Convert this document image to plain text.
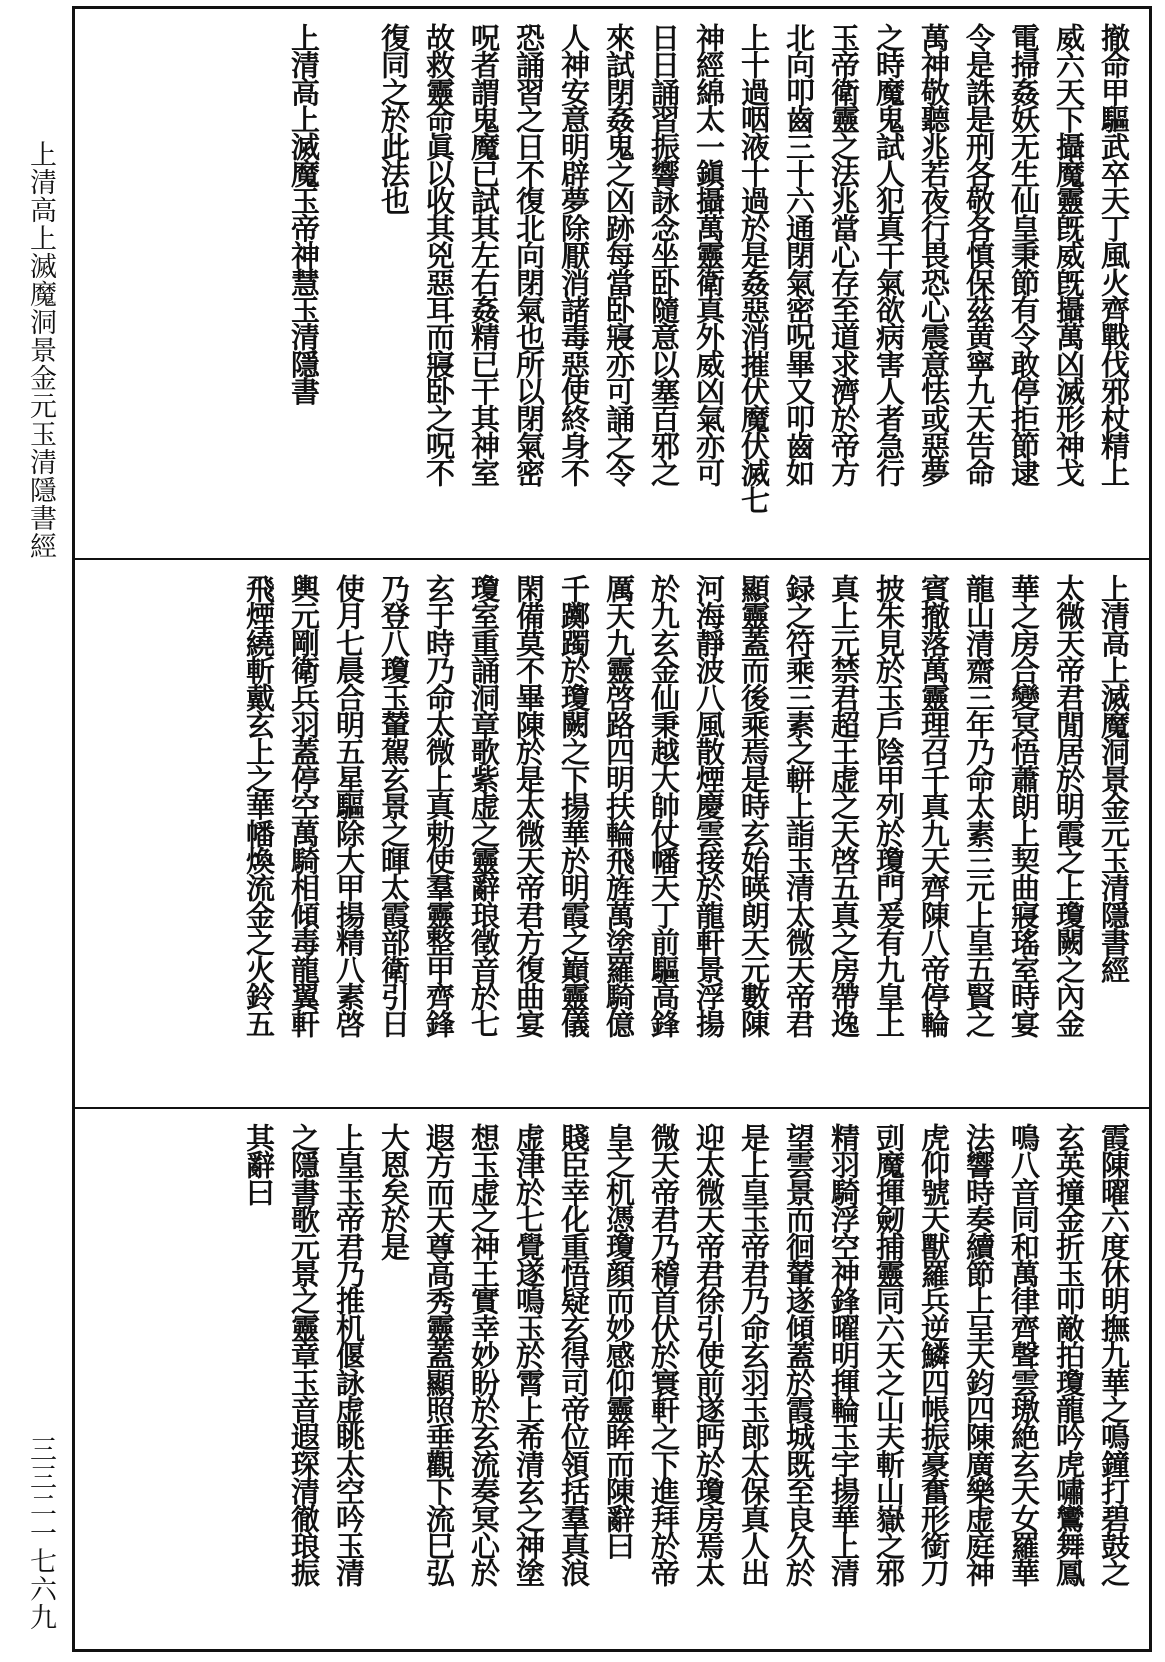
上清高上滅魔洞景金元玉清隱書經
三三二一七六九
撤命甲驅武卒天丁風火齊戰伐邪杖精上
威六天下攝魔靈旣威旣攝萬凶滅形神戈
電掃姦妖无生仙皇秉節有令敢停拒節逮
令是誅是刑各敬各慎保茲黄寧九天告命
萬神敬聽兆若夜行畏恐心震意怯或惡夢
之時魔鬼試人犯真干氣欲病害人者急行
玉帝衛靈之法兆當心存至道求濟於帝方
北向叩齒三十六通閉氣密呪畢又叩齒如
上十過咽液十過於是姦惡消摧伏魔伏滅七
神經綿太一鎭攝萬靈衛真外威凶氣亦可
日日誦習振響詠念坐卧隨意以塞百邪之
來試閉姦鬼之凶跡每當卧寢亦可誦之令
人神安意明辟夢除厭消諸毒惡使終身不
恐誦習之日不復北向閉氣也所以閉氣密
呪者謂鬼魔已試其左右姦精已干其神室
故救靈命眞以收其兇惡耳而寢卧之呪不
復同之於此法也
上清高上滅魔玉帝神慧玉清隱書
上清高上滅魔洞景金元玉清隱書經
太微天帝君閒居於明霞之上瓊闕之內金
華之房合變冥悟蕭朗上契曲寢瑤室時宴
龍山清齋三年乃命太素三元上皇五賢之
賓撤落萬靈理召千真九天齊陳八帝停輪
披朱見於玉戶陰甲列於瓊門爰有九皇上
真上元禁君超王虚之天啓五真之房帶逸
録之符乘三素之軿上詣玉清太微天帝君
顯靈蓋而後乘焉是時玄始暎朗天元數陳
河海靜波八風散煙慶雲接於龍軒景浮揚
於九玄金仙秉越大帥仗幡天丁前驅高鋒
厲天九靈啓路四明扶輪飛旌萬塗羅騎億
千躑躅於瓊闕之下揚華於明霞之巔靈儀
閑備莫不畢陳於是太微天帝君方復曲宴
瓊室重誦洞章歌紫虚之靈辭琅徵音於七
玄于時乃命太微上真勅使羣靈整甲齊鋒
乃登八瓊玉輦駕玄景之暉太霞部衛引日
使月七晨合明五星驅除大甲揚精八素啓
輿元剛衛兵羽蓋停空萬騎相傾毒龍翼軒
飛煙繞斬戴玄上之華幡煥流金之火鈴五
霞陳曜六度休明撫九華之鳴鐘打碧鼓之
玄英撞金折玉叩敵拍瓊龍吟虎嘯鸞舞鳳
鳴八音同和萬律齊聲雲璈絶玄天女羅華
法響時奏續節上呈天鈞四陳廣樂虚庭神
虎仰號天獸羅兵逆鱗四帳振豪奮形銜刀
剅魔揮劒捕靈同六天之山夫斬山嶽之邪
精羽騎浮空神鋒曜明揮輪玉宇揚華上清
望雲景而徊輦遂傾蓋於霞城既至良久於
是上皇玉帝君乃命玄羽玉郎太保真人出
迎太微天帝君徐引使前遂眄於瓊房焉太
微天帝君乃稽首伏於寰軒之下進拜於帝
皇之机憑瓊顔而妙感仰靈眸而陳辭曰
賤臣幸化重悟疑玄得司帝位領括羣真浪
虚津於七覺遂鳴玉於霄上希清玄之神塗
想玉虚之神王實幸妙盼於玄流奏冥心於
遐方而天尊高秀靈蓋顯照垂觀下流巳弘
大恩矣於是
上皇玉帝君乃推机偃詠虚眺太空吟玉清
之隱書歌元景之靈章玉音遐琛清徹琅振
其辭曰
